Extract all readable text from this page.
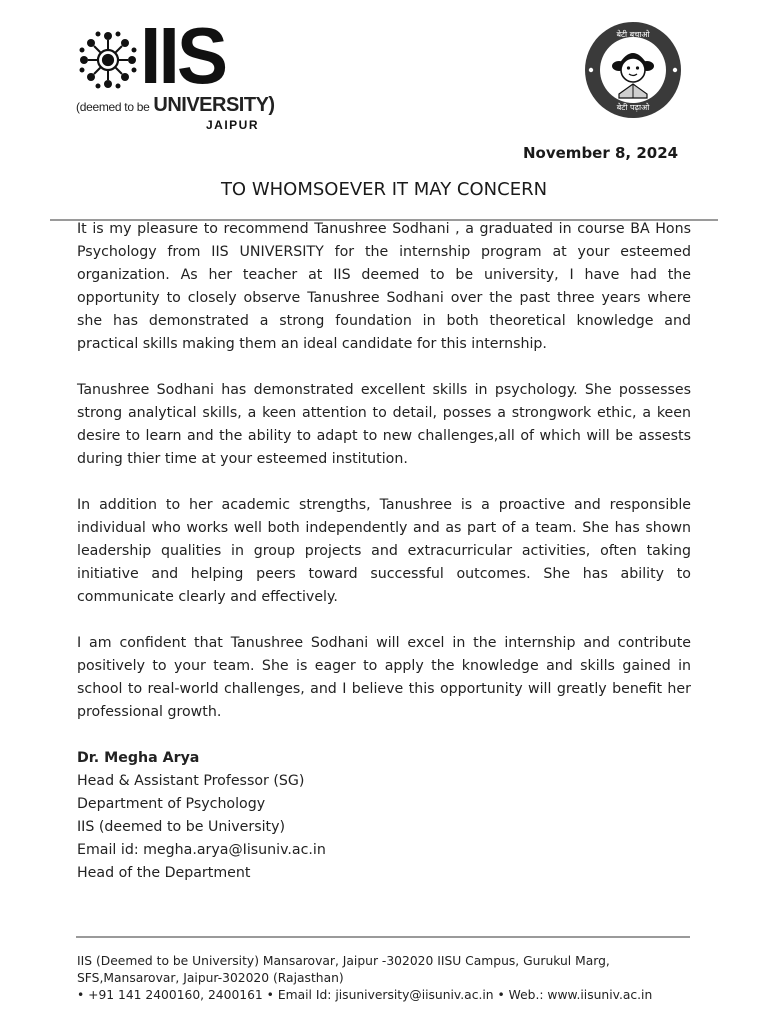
IIS
(deemed to be UNIVERSITY)
JAIPUR
बेटी बचाओ
बेटी पढ़ाओ
November 8, 2024
TO WHOMSOEVER IT MAY CONCERN

It is my pleasure to recommend Tanushree Sodhani , a graduated in course BA Hons Psychology from IIS UNIVERSITY for the internship program at your esteemed organization. As her teacher at IIS deemed to be university, I have had the opportunity to closely observe Tanushree Sodhani over the past three years where she has demonstrated a strong foundation in both theoretical knowledge and practical skills making them an ideal candidate for this internship.

Tanushree Sodhani has demonstrated excellent skills in psychology. She possesses strong analytical skills, a keen attention to detail, posses a strongwork ethic, a keen desire to learn and the ability to adapt to new challenges,all of which will be assests during thier time at your esteemed institution.

In addition to her academic strengths, Tanushree is a proactive and responsible individual who works well both independently and as part of a team. She has shown leadership qualities in group projects and extracurricular activities, often taking initiative and helping peers toward successful outcomes. She has ability to communicate clearly and effectively.

I am confident that Tanushree Sodhani will excel in the internship and contribute positively to your team. She is eager to apply the knowledge and skills gained in school to real-world challenges, and I believe this opportunity will greatly benefit her professional growth.

Dr. Megha Arya
Head & Assistant Professor (SG)
Department of Psychology
IIS (deemed to be University)
Email id: megha.arya@Iisuniv.ac.in
Head of the Department
IIS (Deemed to be University) Mansarovar, Jaipur -302020 IISU Campus, Gurukul Marg,
SFS,Mansarovar, Jaipur-302020 (Rajasthan)
• +91 141 2400160, 2400161 • Email Id: jisuniversity@iisuniv.ac.in • Web.: www.iisuniv.ac.in
